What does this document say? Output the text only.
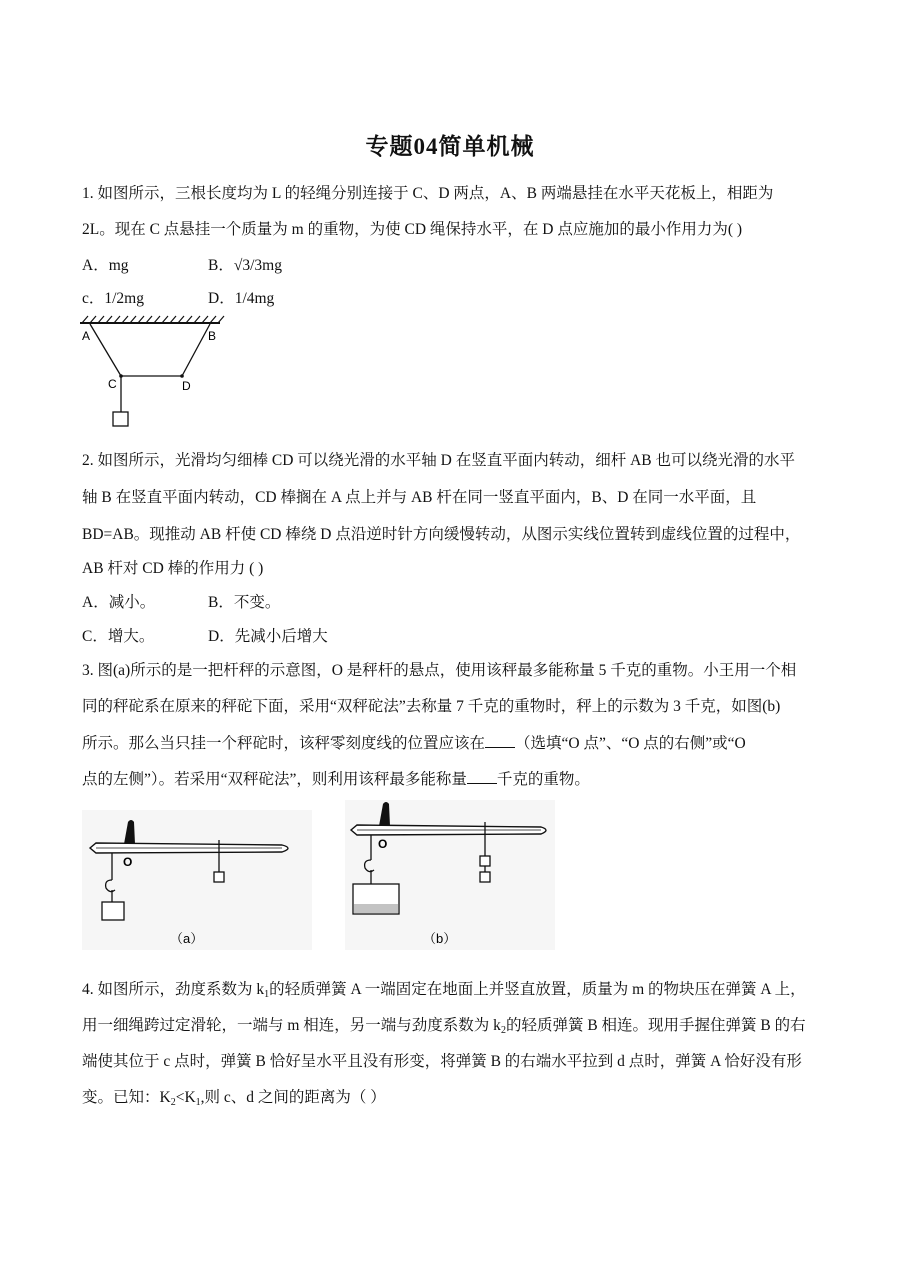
专题04简单机械
1. 如图所示，三根长度均为 L 的轻绳分别连接于 C、D 两点，A、B 两端悬挂在水平天花板上，相距为
2L。现在 C 点悬挂一个质量为 m 的重物，为使 CD 绳保持水平，在 D 点应施加的最小作用力为( )
A．mg	B．√3/3mg
c．1/2mg	D．1/4mg
A	B
C	D
2. 如图所示，光滑均匀细棒 CD 可以绕光滑的水平轴 D 在竖直平面内转动，细杆 AB 也可以绕光滑的水平
轴 B 在竖直平面内转动，CD 棒搁在 A 点上并与 AB 杆在同一竖直平面内，B、D 在同一水平面，且
BD=AB。现推动 AB 杆使 CD 棒绕 D 点沿逆时针方向缓慢转动，从图示实线位置转到虚线位置的过程中，
AB 杆对 CD 棒的作用力 ( )
A．减小。	B．不变。
C．增大。	D．先减小后增大
3. 图(a)所示的是一把杆秤的示意图，O 是秤杆的悬点，使用该秤最多能称量 5 千克的重物。小王用一个相
同的秤砣系在原来的秤砣下面，采用“双秤砣法”去称量 7 千克的重物时，秤上的示数为 3 千克，如图(b)
所示。那么当只挂一个秤砣时，该秤零刻度线的位置应该在 （选填“O 点”、“O 点的右侧”或“O
点的左侧”）。若采用“双秤砣法”，则利用该秤最多能称量 千克的重物。
O
（a）
O
（b）
4. 如图所示，劲度系数为 $k_1$的轻质弹簧 A 一端固定在地面上并竖直放置，质量为 m 的物块压在弹簧 A 上，
用一细绳跨过定滑轮，一端与 m 相连，另一端与劲度系数为 $k_2$的轻质弹簧 B 相连。现用手握住弹簧 B 的右
端使其位于 c 点时，弹簧 B 恰好呈水平且没有形变，将弹簧 B 的右端水平拉到 d 点时，弹簧 A 恰好没有形
变。已知：$K_2<K_1$,则 c、d 之间的距离为（ ）
